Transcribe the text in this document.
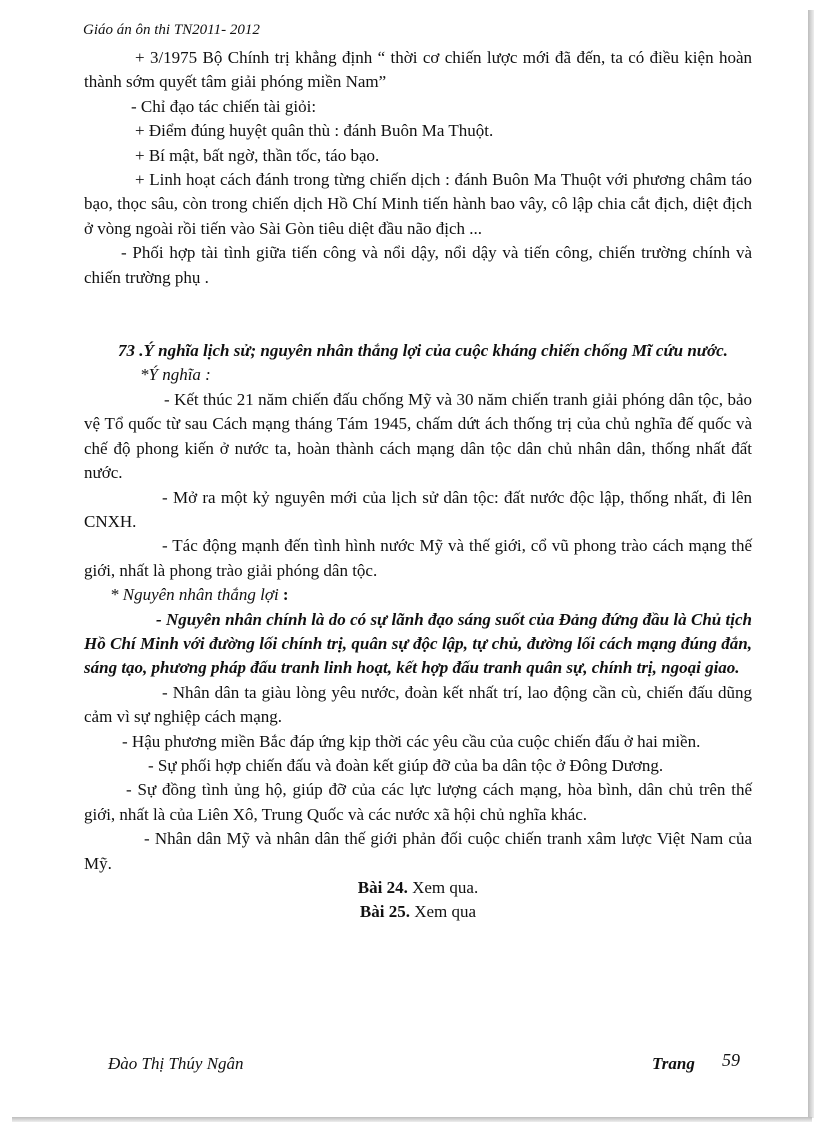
Giáo án ôn thi TN2011- 2012

+ 3/1975 Bộ Chính trị khẳng định “ thời cơ chiến lược mới đã đến, ta có điều kiện hoàn thành sớm quyết tâm giải phóng miền Nam”

- Chỉ đạo tác chiến tài giỏi:

+ Điểm đúng huyệt quân thù : đánh Buôn Ma Thuột.

+ Bí mật, bất ngờ, thần tốc, táo bạo.

+ Linh hoạt cách đánh trong từng chiến dịch : đánh Buôn Ma Thuột với phương châm táo bạo, thọc sâu, còn trong chiến dịch Hồ Chí Minh tiến hành bao vây, cô lập chia cắt địch, diệt địch ở vòng ngoài rồi tiến vào Sài Gòn tiêu diệt đầu não địch ...

- Phối hợp tài tình giữa tiến công và nổi dậy, nổi dậy và tiến công, chiến trường chính và chiến trường phụ .

73 .Ý nghĩa lịch sử; nguyên nhân thắng lợi của cuộc kháng chiến chống Mĩ cứu nước.

*Ý nghĩa :

- Kết thúc 21 năm chiến đấu chống Mỹ và 30 năm chiến tranh giải phóng dân tộc, bảo vệ Tổ quốc từ sau Cách mạng tháng Tám 1945, chấm dứt ách thống trị của chủ nghĩa đế quốc và chế độ phong kiến ở nước ta, hoàn thành cách mạng dân tộc dân chủ nhân dân, thống nhất đất nước.

- Mở ra một kỷ nguyên mới của lịch sử dân tộc: đất nước độc lập, thống nhất, đi lên CNXH.

- Tác động mạnh đến tình hình nước Mỹ và thế giới, cổ vũ phong trào cách mạng thế giới, nhất là phong trào giải phóng dân tộc.

* Nguyên nhân thắng lợi :

- Nguyên nhân chính là do có sự lãnh đạo sáng suốt của Đảng đứng đầu là Chủ tịch Hồ Chí Minh với đường lối chính trị, quân sự độc lập, tự chủ, đường lối cách mạng đúng đắn, sáng tạo, phương pháp đấu tranh linh hoạt, kết hợp đấu tranh quân sự, chính trị, ngoại giao.

- Nhân dân ta giàu lòng yêu nước, đoàn kết nhất trí, lao động cần cù, chiến đấu dũng cảm vì sự nghiệp cách mạng.

- Hậu phương miền Bắc đáp ứng kịp thời các yêu cầu của cuộc chiến đấu ở hai miền.

- Sự phối hợp chiến đấu và đoàn kết giúp đỡ của ba dân tộc ở Đông Dương.

- Sự đồng tình ủng hộ, giúp đỡ của các lực lượng cách mạng, hòa bình, dân chủ trên thế giới, nhất là của Liên Xô, Trung Quốc và các nước xã hội chủ nghĩa khác.

- Nhân dân Mỹ và nhân dân thế giới phản đối cuộc chiến tranh xâm lược Việt Nam của Mỹ.

Bài 24. Xem qua.

Bài 25. Xem qua

Đào Thị Thúy Ngân	Trang 59
